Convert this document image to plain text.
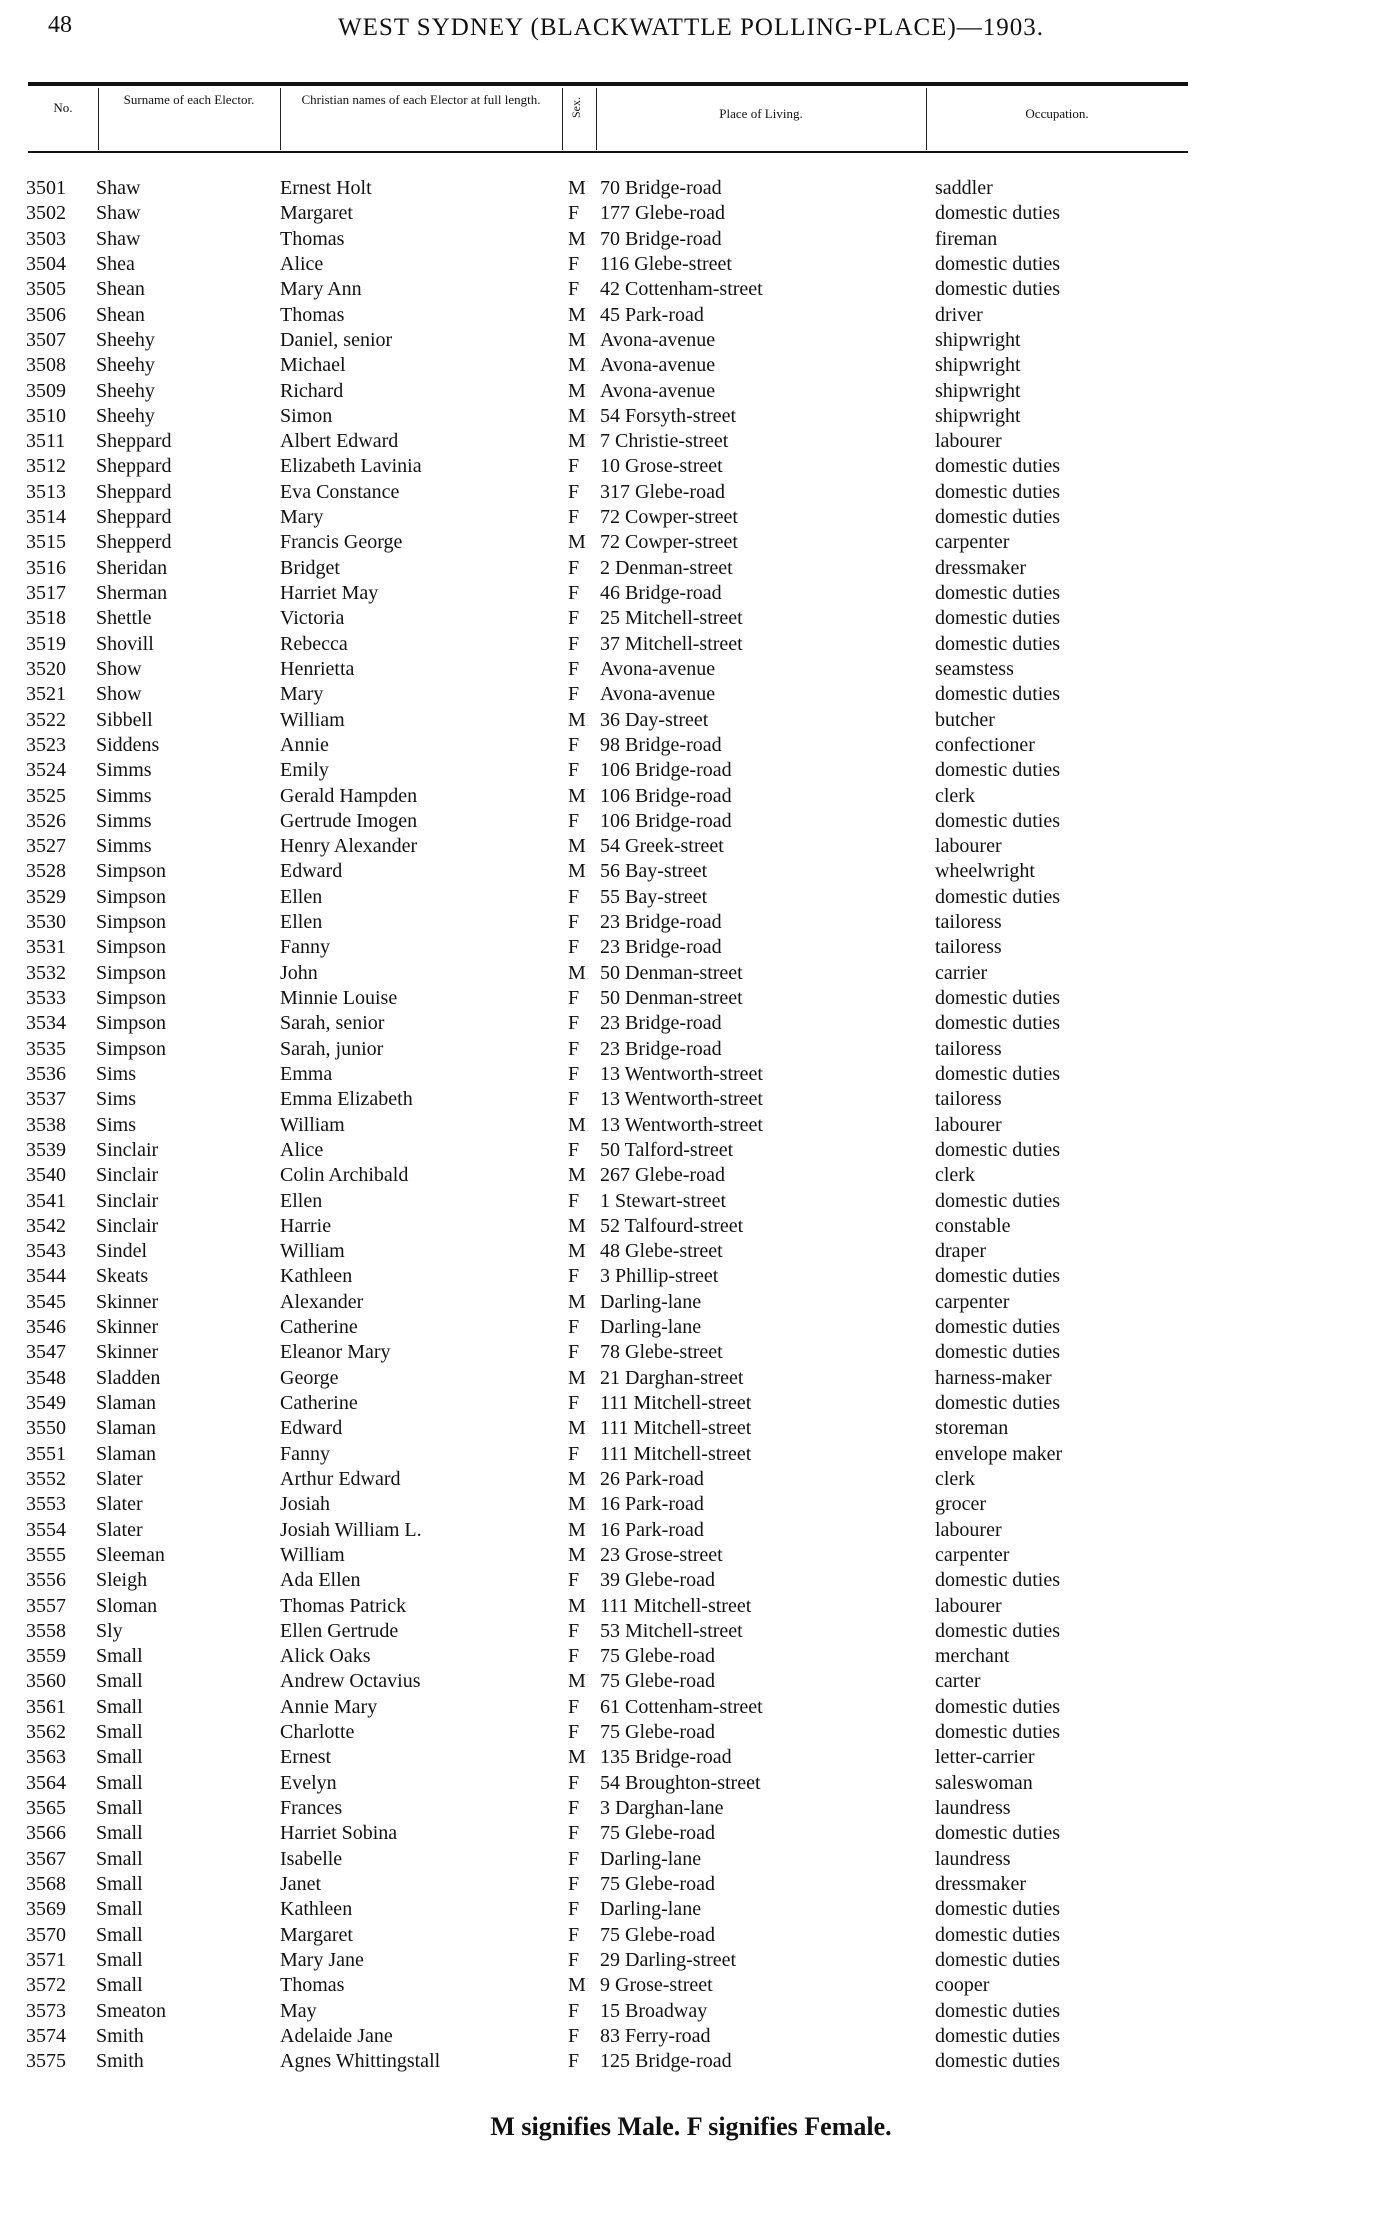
48	WEST SYDNEY (BLACKWATTLE POLLING-PLACE)—1903.
No.
Surname of each Elector.	Christian names of each Elector at full length.	Sex.	Place of Living.	Occupation.
3501 Shaw	Ernest Holt	M 70 Bridge-road	saddler
3502 Shaw	Margaret	F 177 Glebe-road	domestic duties
3503 Shaw	Thomas	M 70 Bridge-road	fireman
3504 Shea	Alice	F 116 Glebe-street	domestic duties
3505 Shean	Mary Ann	F 42 Cottenham-street	domestic duties
3506 Shean	Thomas	M 45 Park-road	driver
3507 Sheehy	Daniel, senior	M Avona-avenue	shipwright
3508 Sheehy	Michael	M Avona-avenue	shipwright
3509 Sheehy	Richard	M Avona-avenue	shipwright
3510 Sheehy	Simon	M 54 Forsyth-street	shipwright
3511 Sheppard	Albert Edward	M 7 Christie-street	labourer
3512 Sheppard	Elizabeth Lavinia	F 10 Grose-street	domestic duties
3513 Sheppard	Eva Constance	F 317 Glebe-road	domestic duties
3514 Sheppard	Mary	F 72 Cowper-street	domestic duties
3515 Shepperd	Francis George	M 72 Cowper-street	carpenter
3516 Sheridan	Bridget	F 2 Denman-street	dressmaker
3517 Sherman	Harriet May	F 46 Bridge-road	domestic duties
3518 Shettle	Victoria	F 25 Mitchell-street	domestic duties
3519 Shovill	Rebecca	F 37 Mitchell-street	domestic duties
3520 Show	Henrietta	F Avona-avenue	seamstess
3521 Show	Mary	F Avona-avenue	domestic duties
3522 Sibbell	William	M 36 Day-street	butcher
3523 Siddens	Annie	F 98 Bridge-road	confectioner
3524 Simms	Emily	F 106 Bridge-road	domestic duties
3525 Simms	Gerald Hampden	M 106 Bridge-road	clerk
3526 Simms	Gertrude Imogen	F 106 Bridge-road	domestic duties
3527 Simms	Henry Alexander	M 54 Greek-street	labourer
3528 Simpson	Edward	M 56 Bay-street	wheelwright
3529 Simpson	Ellen	F 55 Bay-street	domestic duties
3530 Simpson	Ellen	F 23 Bridge-road	tailoress
3531 Simpson	Fanny	F 23 Bridge-road	tailoress
3532 Simpson	John	M 50 Denman-street	carrier
3533 Simpson	Minnie Louise	F 50 Denman-street	domestic duties
3534 Simpson	Sarah, senior	F 23 Bridge-road	domestic duties
3535 Simpson	Sarah, junior	F 23 Bridge-road	tailoress
3536 Sims	Emma	F 13 Wentworth-street	domestic duties
3537 Sims	Emma Elizabeth	F 13 Wentworth-street	tailoress
3538 Sims	William	M 13 Wentworth-street	labourer
3539 Sinclair	Alice	F 50 Talford-street	domestic duties
3540 Sinclair	Colin Archibald	M 267 Glebe-road	clerk
3541 Sinclair	Ellen	F 1 Stewart-street	domestic duties
3542 Sinclair	Harrie	M 52 Talfourd-street	constable
3543 Sindel	William	M 48 Glebe-street	draper
3544 Skeats	Kathleen	F 3 Phillip-street	domestic duties
3545 Skinner	Alexander	M Darling-lane	carpenter
3546 Skinner	Catherine	F Darling-lane	domestic duties
3547 Skinner	Eleanor Mary	F 78 Glebe-street	domestic duties
3548 Sladden	George	M 21 Darghan-street	harness-maker
3549 Slaman	Catherine	F 111 Mitchell-street	domestic duties
3550 Slaman	Edward	M 111 Mitchell-street	storeman
3551 Slaman	Fanny	F 111 Mitchell-street	envelope maker
3552 Slater	Arthur Edward	M 26 Park-road	clerk
3553 Slater	Josiah	M 16 Park-road	grocer
3554 Slater	Josiah William L.	M 16 Park-road	labourer
3555 Sleeman	William	M 23 Grose-street	carpenter
3556 Sleigh	Ada Ellen	F 39 Glebe-road	domestic duties
3557 Sloman	Thomas Patrick	M 111 Mitchell-street	labourer
3558 Sly	Ellen Gertrude	F 53 Mitchell-street	domestic duties
3559 Small	Alick Oaks	F 75 Glebe-road	merchant
3560 Small	Andrew Octavius	M 75 Glebe-road	carter
3561 Small	Annie Mary	F 61 Cottenham-street	domestic duties
3562 Small	Charlotte	F 75 Glebe-road	domestic duties
3563 Small	Ernest	M 135 Bridge-road	letter-carrier
3564 Small	Evelyn	F 54 Broughton-street	saleswoman
3565 Small	Frances	F 3 Darghan-lane	laundress
3566 Small	Harriet Sobina	F 75 Glebe-road	domestic duties
3567 Small	Isabelle	F Darling-lane	laundress
3568 Small	Janet	F 75 Glebe-road	dressmaker
3569 Small	Kathleen	F Darling-lane	domestic duties
3570 Small	Margaret	F 75 Glebe-road	domestic duties
3571 Small	Mary Jane	F 29 Darling-street	domestic duties
3572 Small	Thomas	M 9 Grose-street	cooper
3573 Smeaton	May	F 15 Broadway	domestic duties
3574 Smith	Adelaide Jane	F 83 Ferry-road	domestic duties
3575 Smith	Agnes Whittingstall	F 125 Bridge-road	domestic duties
M signifies Male. F signifies Female.
